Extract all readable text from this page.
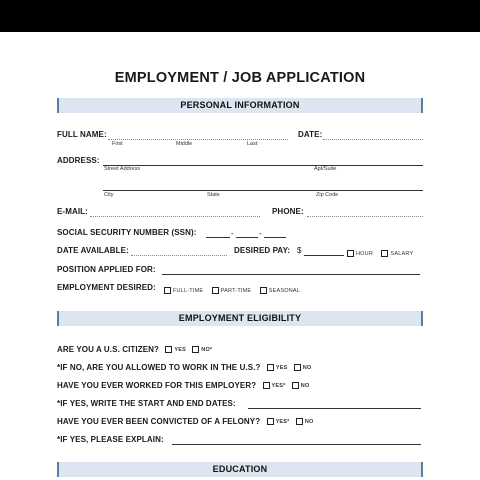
EMPLOYMENT / JOB APPLICATION
PERSONAL INFORMATION
FULL NAME:	DATE:
First	Middle	Last
ADDRESS:
Street Address	Apt/Suite
City	State	Zip Code
E-MAIL:	PHONE:
SOCIAL SECURITY NUMBER (SSN):	-	-
DATE AVAILABLE:	DESIRED PAY: $	HOUR	SALARY
POSITION APPLIED FOR:
EMPLOYMENT DESIRED:	FULL-TIME	PART-TIME	SEASONAL
EMPLOYMENT ELIGIBILITY
ARE YOU A U.S. CITIZEN?	YES	NO*
*IF NO, ARE YOU ALLOWED TO WORK IN THE U.S.?	YES	NO
HAVE YOU EVER WORKED FOR THIS EMPLOYER?	YES*	NO
*IF YES, WRITE THE START AND END DATES:
HAVE YOU EVER BEEN CONVICTED OF A FELONY?	YES*	NO
*IF YES, PLEASE EXPLAIN:
EDUCATION
